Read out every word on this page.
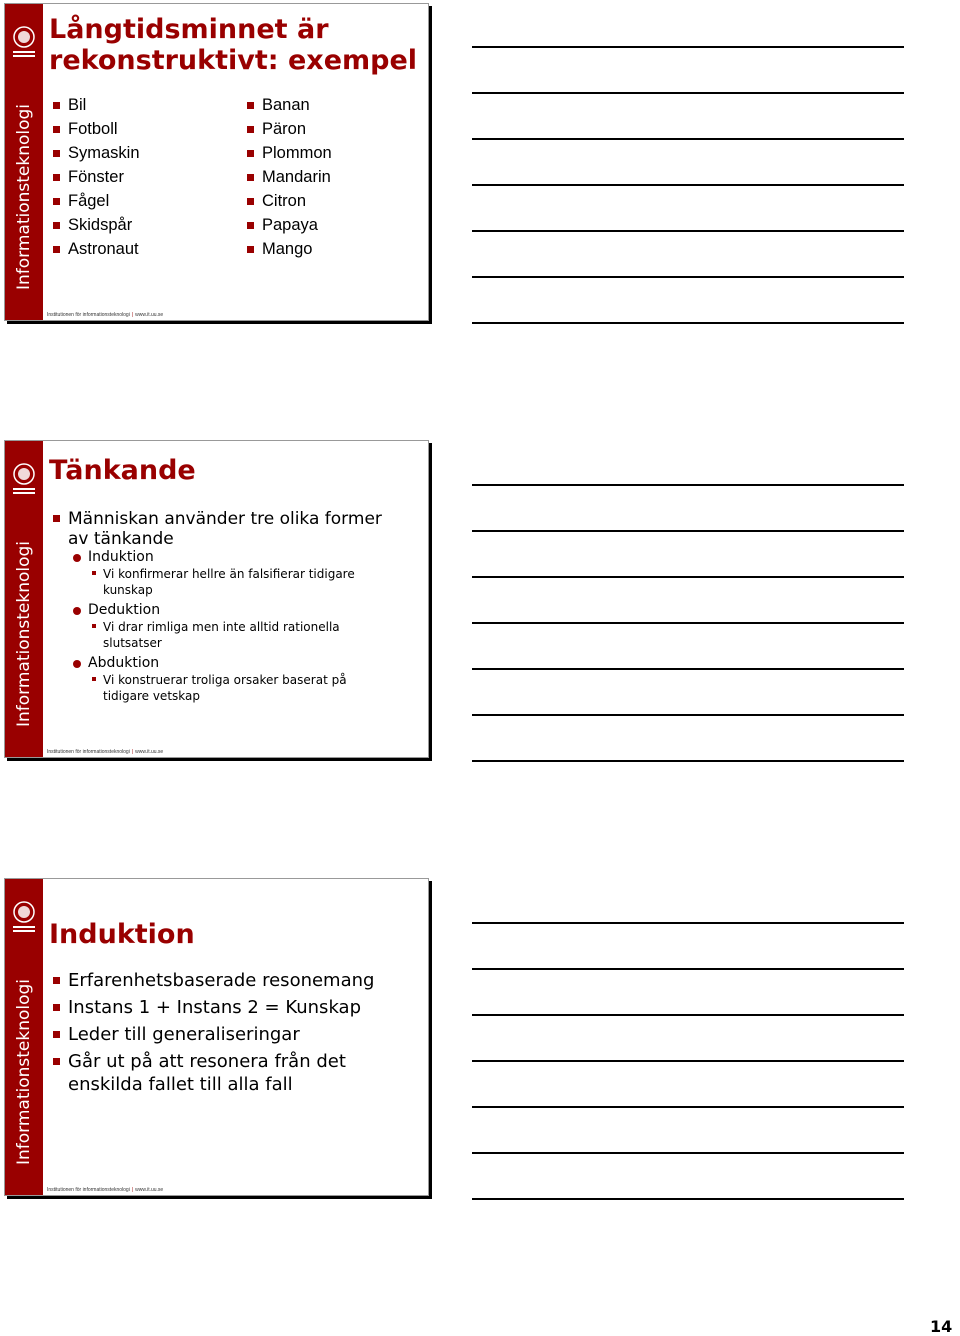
Informationsteknologi
Långtidsminnet är
rekonstruktivt: exempel
Bil
Fotboll
Symaskin
Fönster
Fågel
Skidspår
Astronaut
Banan
Päron
Plommon
Mandarin
Citron
Papaya
Mango
Institutionen för informationsteknologi | www.it.uu.se
Informationsteknologi
Tänkande
Människan använder tre olika former
av tänkande
Induktion
Vi konfirmerar hellre än falsifierar tidigare
kunskap
Deduktion
Vi drar rimliga men inte alltid rationella
slutsatser
Abduktion
Vi konstruerar troliga orsaker baserat på
tidigare vetskap
Institutionen för informationsteknologi | www.it.uu.se
Informationsteknologi
Induktion
Erfarenhetsbaserade resonemang
Instans 1 + Instans 2 = Kunskap
Leder till generaliseringar
Går ut på att resonera från det
enskilda fallet till alla fall
Institutionen för informationsteknologi | www.it.uu.se
14
